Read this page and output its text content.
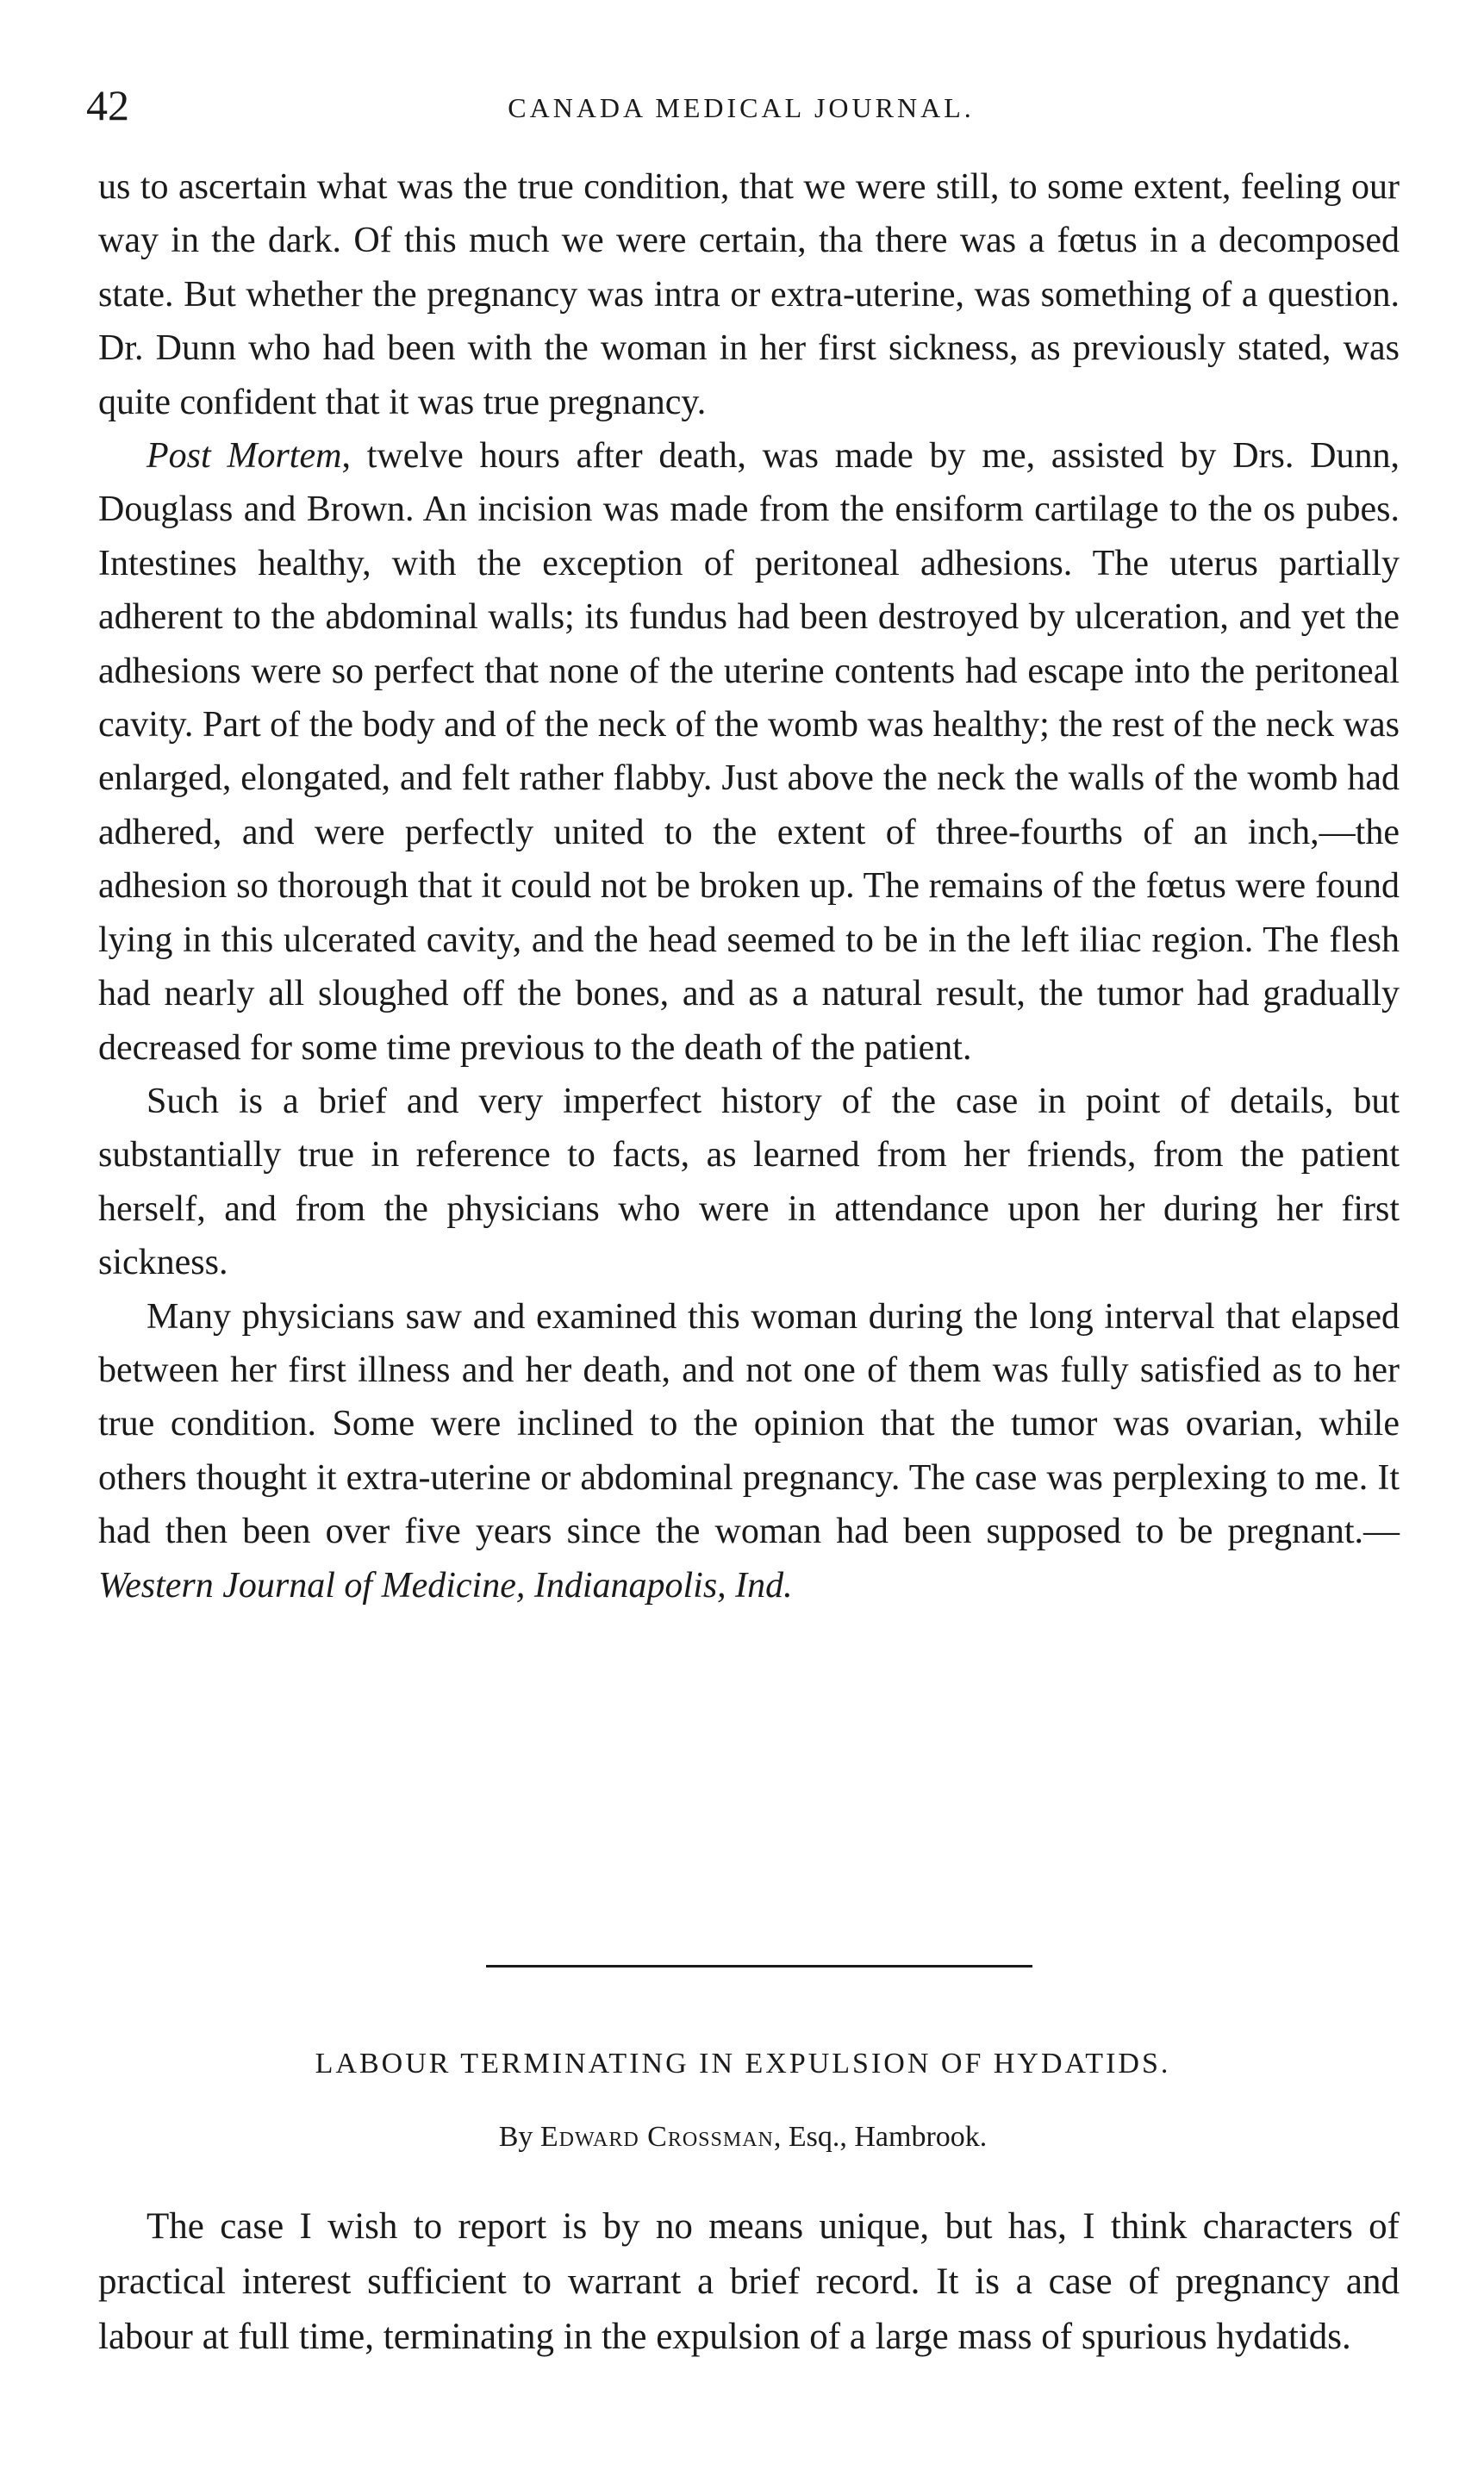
42	CANADA MEDICAL JOURNAL.

us to ascertain what was the true condition, that we were still, to some extent, feeling our way in the dark. Of this much we were certain, tha there was a fœtus in a decomposed state. But whether the pregnancy was intra or extra-uterine, was something of a question. Dr. Dunn who had been with the woman in her first sickness, as previously stated, was quite confident that it was true pregnancy.

Post Mortem, twelve hours after death, was made by me, assisted by Drs. Dunn, Douglass and Brown. An incision was made from the ensiform cartilage to the os pubes. Intestines healthy, with the exception of peritoneal adhesions. The uterus partially adherent to the abdominal walls; its fundus had been destroyed by ulceration, and yet the adhesions were so perfect that none of the uterine contents had escape into the peritoneal cavity. Part of the body and of the neck of the womb was healthy; the rest of the neck was enlarged, elongated, and felt rather flabby. Just above the neck the walls of the womb had adhered, and were perfectly united to the extent of three-fourths of an inch,—the adhesion so thorough that it could not be broken up. The remains of the fœtus were found lying in this ulcerated cavity, and the head seemed to be in the left iliac region. The flesh had nearly all sloughed off the bones, and as a natural result, the tumor had gradually decreased for some time previous to the death of the patient.

Such is a brief and very imperfect history of the case in point of details, but substantially true in reference to facts, as learned from her friends, from the patient herself, and from the physicians who were in attendance upon her during her first sickness.

Many physicians saw and examined this woman during the long interval that elapsed between her first illness and her death, and not one of them was fully satisfied as to her true condition. Some were inclined to the opinion that the tumor was ovarian, while others thought it extra-uterine or abdominal pregnancy. The case was perplexing to me. It had then been over five years since the woman had been supposed to be pregnant.— Western Journal of Medicine, Indianapolis, Ind.

LABOUR TERMINATING IN EXPULSION OF HYDATIDS.
By Edward Crossman, Esq., Hambrook.

The case I wish to report is by no means unique, but has, I think characters of practical interest sufficient to warrant a brief record. It is a case of pregnancy and labour at full time, terminating in the expulsion of a large mass of spurious hydatids.
